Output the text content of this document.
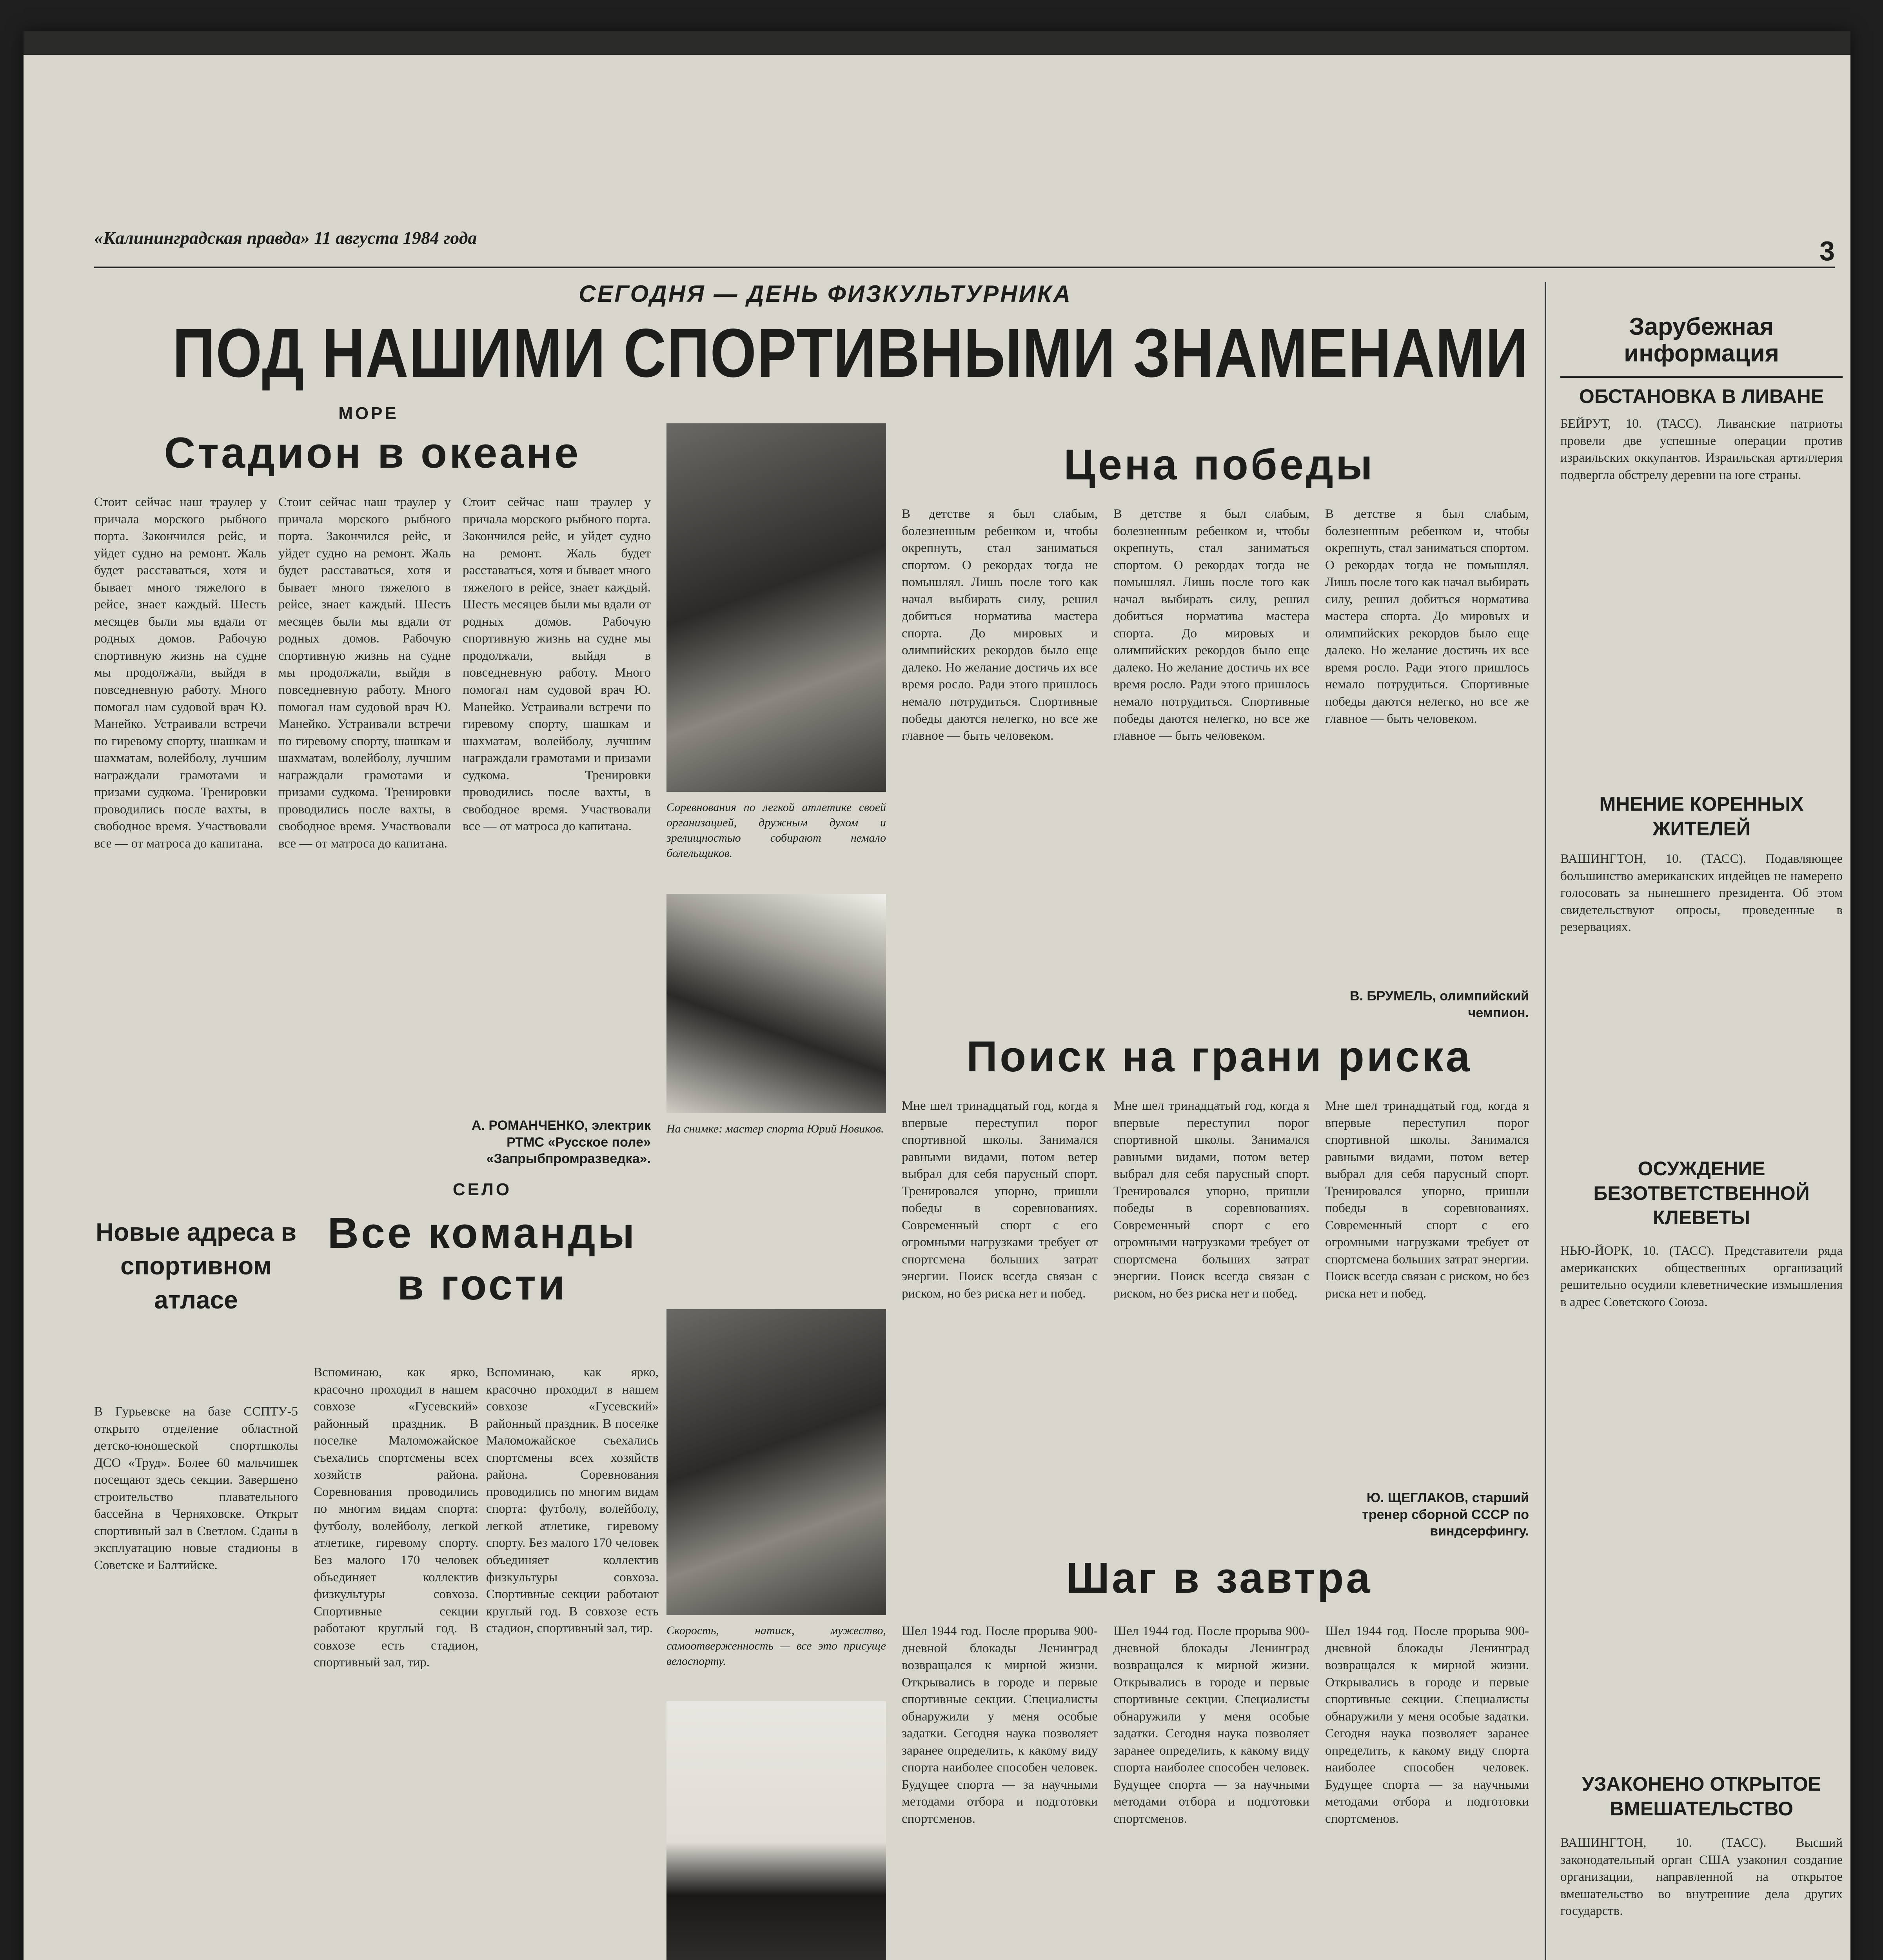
«Калининградская правда» 11 августа 1984 года	3
СЕГОДНЯ — ДЕНЬ ФИЗКУЛЬТУРНИКА
ПОД НАШИМИ СПОРТИВНЫМИ ЗНАМЕНАМИ
МОРЕ
Стадион в океане
Стоит сейчас наш траулер у причала морского рыбного порта. Закончился рейс, и уйдет судно на ремонт. Жаль будет расставаться, хотя и бывает много тяжелого в рейсе, знает каждый. Шесть месяцев были мы вдали от родных домов. Рабочую спортивную жизнь на судне мы продолжали, выйдя в повседневную работу. Много помогал нам судовой врач Ю. Манейко. Устраивали встречи по гиревому спорту, шашкам и шахматам, волейболу, лучшим награждали грамотами и призами судкома. Тренировки проводились после вахты, в свободное время. Участвовали все — от матроса до капитана.
Стоит сейчас наш траулер у причала морского рыбного порта. Закончился рейс, и уйдет судно на ремонт. Жаль будет расставаться, хотя и бывает много тяжелого в рейсе, знает каждый. Шесть месяцев были мы вдали от родных домов. Рабочую спортивную жизнь на судне мы продолжали, выйдя в повседневную работу. Много помогал нам судовой врач Ю. Манейко. Устраивали встречи по гиревому спорту, шашкам и шахматам, волейболу, лучшим награждали грамотами и призами судкома. Тренировки проводились после вахты, в свободное время. Участвовали все — от матроса до капитана.
Стоит сейчас наш траулер у причала морского рыбного порта. Закончился рейс, и уйдет судно на ремонт. Жаль будет расставаться, хотя и бывает много тяжелого в рейсе, знает каждый. Шесть месяцев были мы вдали от родных домов. Рабочую спортивную жизнь на судне мы продолжали, выйдя в повседневную работу. Много помогал нам судовой врач Ю. Манейко. Устраивали встречи по гиревому спорту, шашкам и шахматам, волейболу, лучшим награждали грамотами и призами судкома. Тренировки проводились после вахты, в свободное время. Участвовали все — от матроса до капитана.
А. РОМАНЧЕНКО, электрик РТМС «Русское поле» «Запрыбпромразведка».
Соревнования по легкой атлетике своей организацией, дружным духом и зрелищностью собирают немало болельщиков.
На снимке: мастер спорта Юрий Новиков.
Новые адреса в спортивном атласе
В Гурьевске на базе ССПТУ-5 открыто отделение областной детско-юношеской спортшколы ДСО «Труд». Более 60 мальчишек посещают здесь секции. Завершено строительство плавательного бассейна в Черняховске. Открыт спортивный зал в Светлом. Сданы в эксплуатацию новые стадионы в Советске и Балтийске.
СЕЛО
Все команды в гости
Вспоминаю, как ярко, красочно проходил в нашем совхозе «Гусевский» районный праздник. В поселке Маломожайское съехались спортсмены всех хозяйств района. Соревнования проводились по многим видам спорта: футболу, волейболу, легкой атлетике, гиревому спорту. Без малого 170 человек объединяет коллектив физкультуры совхоза. Спортивные секции работают круглый год. В совхозе есть стадион, спортивный зал, тир.
Вспоминаю, как ярко, красочно проходил в нашем совхозе «Гусевский» районный праздник. В поселке Маломожайское съехались спортсмены всех хозяйств района. Соревнования проводились по многим видам спорта: футболу, волейболу, легкой атлетике, гиревому спорту. Без малого 170 человек объединяет коллектив физкультуры совхоза. Спортивные секции работают круглый год. В совхозе есть стадион, спортивный зал, тир.	Скорость, натиск, мужество, самоотверженность — все это присуще велоспорту.
Цена победы
В детстве я был слабым, болезненным ребенком и, чтобы окрепнуть, стал заниматься спортом. О рекордах тогда не помышлял. Лишь после того как начал выбирать силу, решил добиться норматива мастера спорта. До мировых и олимпийских рекордов было еще далеко. Но желание достичь их все время росло. Ради этого пришлось немало потрудиться. Спортивные победы даются нелегко, но все же главное — быть человеком.
В детстве я был слабым, болезненным ребенком и, чтобы окрепнуть, стал заниматься спортом. О рекордах тогда не помышлял. Лишь после того как начал выбирать силу, решил добиться норматива мастера спорта. До мировых и олимпийских рекордов было еще далеко. Но желание достичь их все время росло. Ради этого пришлось немало потрудиться. Спортивные победы даются нелегко, но все же главное — быть человеком.
В детстве я был слабым, болезненным ребенком и, чтобы окрепнуть, стал заниматься спортом. О рекордах тогда не помышлял. Лишь после того как начал выбирать силу, решил добиться норматива мастера спорта. До мировых и олимпийских рекордов было еще далеко. Но желание достичь их все время росло. Ради этого пришлось немало потрудиться. Спортивные победы даются нелегко, но все же главное — быть человеком.
В. БРУМЕЛЬ, олимпийский чемпион.
Поиск на грани риска
Мне шел тринадцатый год, когда я впервые переступил порог спортивной школы. Занимался равными видами, потом ветер выбрал для себя парусный спорт. Тренировался упорно, пришли победы в соревнованиях. Современный спорт с его огромными нагрузками требует от спортсмена больших затрат энергии. Поиск всегда связан с риском, но без риска нет и побед.
Мне шел тринадцатый год, когда я впервые переступил порог спортивной школы. Занимался равными видами, потом ветер выбрал для себя парусный спорт. Тренировался упорно, пришли победы в соревнованиях. Современный спорт с его огромными нагрузками требует от спортсмена больших затрат энергии. Поиск всегда связан с риском, но без риска нет и побед.
Мне шел тринадцатый год, когда я впервые переступил порог спортивной школы. Занимался равными видами, потом ветер выбрал для себя парусный спорт. Тренировался упорно, пришли победы в соревнованиях. Современный спорт с его огромными нагрузками требует от спортсмена больших затрат энергии. Поиск всегда связан с риском, но без риска нет и побед.
Ю. ЩЕГЛАКОВ, старший тренер сборной СССР по виндсерфингу.
Шаг в завтра
Шел 1944 год. После прорыва 900-дневной блокады Ленинград возвращался к мирной жизни. Открывались в городе и первые спортивные секции. Специалисты обнаружили у меня особые задатки. Сегодня наука позволяет заранее определить, к какому виду спорта наиболее способен человек. Будущее спорта — за научными методами отбора и подготовки спортсменов.
Шел 1944 год. После прорыва 900-дневной блокады Ленинград возвращался к мирной жизни. Открывались в городе и первые спортивные секции. Специалисты обнаружили у меня особые задатки. Сегодня наука позволяет заранее определить, к какому виду спорта наиболее способен человек. Будущее спорта — за научными методами отбора и подготовки спортсменов.
Шел 1944 год. После прорыва 900-дневной блокады Ленинград возвращался к мирной жизни. Открывались в городе и первые спортивные секции. Специалисты обнаружили у меня особые задатки. Сегодня наука позволяет заранее определить, к какому виду спорта наиболее способен человек. Будущее спорта — за научными методами отбора и подготовки спортсменов.
Зарубежная информация
ОБСТАНОВКА В ЛИВАНЕ
БЕЙРУТ, 10. (ТАСС). Ливанские патриоты провели две успешные операции против израильских оккупантов. Израильская артиллерия подвергла обстрелу деревни на юге страны.
МНЕНИЕ КОРЕННЫХ ЖИТЕЛЕЙ
ВАШИНГТОН, 10. (ТАСС). Подавляющее большинство американских индейцев не намерено голосовать за нынешнего президента. Об этом свидетельствуют опросы, проведенные в резервациях.
ОСУЖДЕНИЕ БЕЗОТВЕТСТВЕННОЙ КЛЕВЕТЫ
НЬЮ-ЙОРК, 10. (ТАСС). Представители ряда американских общественных организаций решительно осудили клеветнические измышления в адрес Советского Союза.
УЗАКОНЕНО ОТКРЫТОЕ ВМЕШАТЕЛЬСТВО
ВАШИНГТОН, 10. (ТАСС). Высший законодательный орган США узаконил создание организации, направленной на открытое вмешательство во внутренние дела других государств.
